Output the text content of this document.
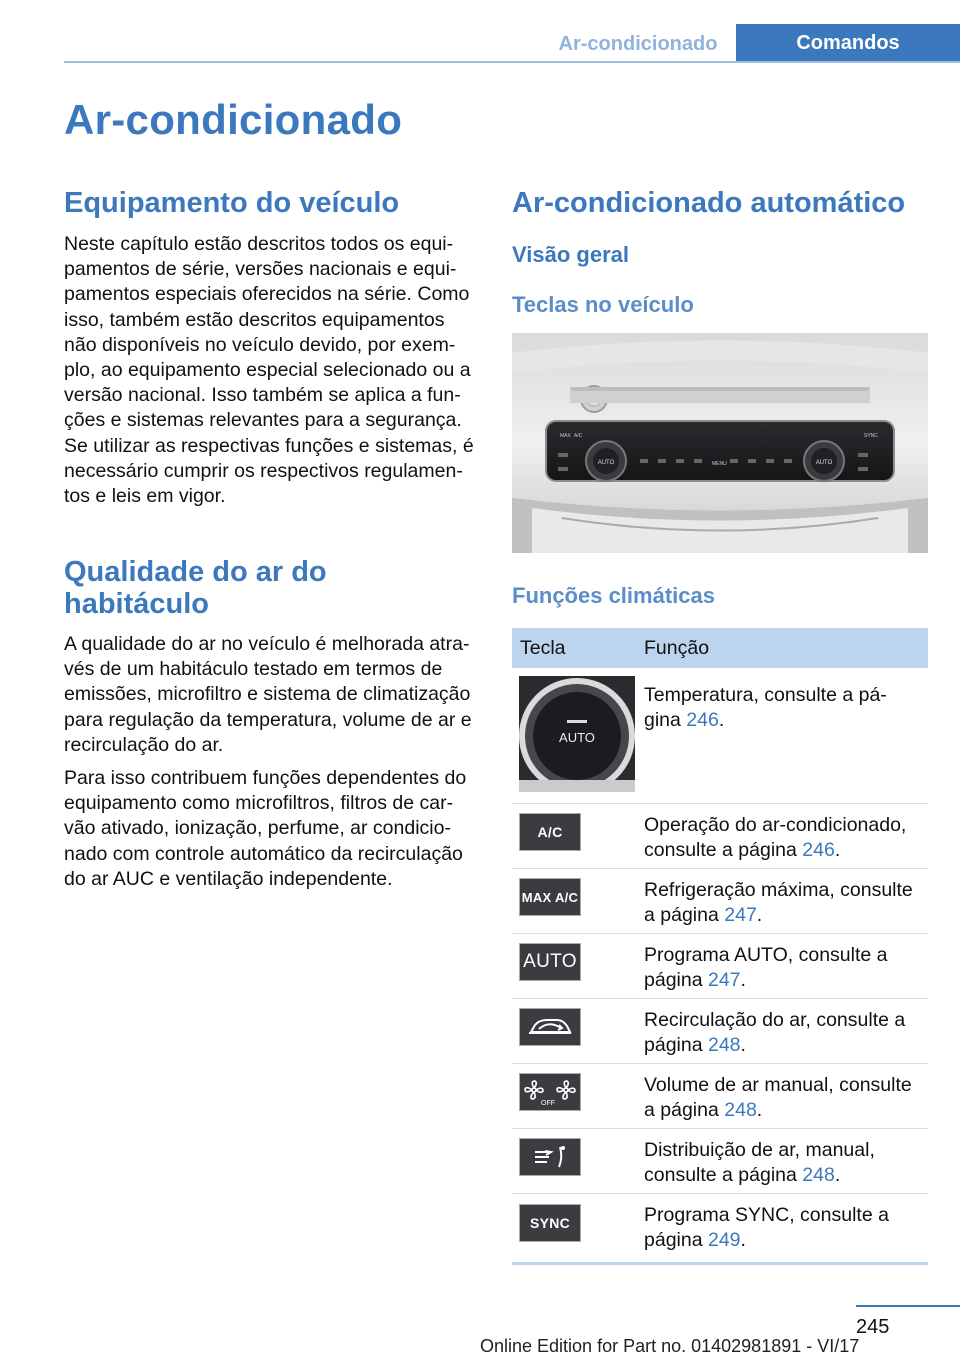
Ar-condicionado	Comandos
Ar-condicionado
Equipamento do veículo
Neste capítulo estão descritos todos os equi‐
pamentos de série, versões nacionais e equi‐
pamentos especiais oferecidos na série. Como
isso, também estão descritos equipamentos
não disponíveis no veículo devido, por exem‐
plo, ao equipamento especial selecionado ou a
versão nacional. Isso também se aplica a fun‐
ções e sistemas relevantes para a segurança.
Se utilizar as respectivas funções e sistemas, é
necessário cumprir os respectivos regulamen‐
tos e leis em vigor.
Qualidade do ar do
habitáculo
A qualidade do ar no veículo é melhorada atra‐
vés de um habitáculo testado em termos de
emissões, microfiltro e sistema de climatização
para regulação da temperatura, volume de ar e
recirculação do ar.
Para isso contribuem funções dependentes do
equipamento como microfiltros, filtros de car‐
vão ativado, ionização, perfume, ar condicio‐
nado com controle automático da recirculação
do ar AUC e ventilação independente.
Ar-condicionado automático
Visão geral
Teclas no veículo
AUTO	AUTO
MAX A/C
MENU
SYNC
Funções climáticas
Tecla	Função
AUTO
Temperatura, consulte a pá‐
gina 246.
A/C	Operação do ar-condicionado,
consulte a página 246.
MAX A/C	Refrigeração máxima, consulte
a página 247.
AUTO	Programa AUTO, consulte a
página 247.
Recirculação do ar, consulte a
página 248.
OFF
Volume de ar manual, consulte
a página 248.
Distribuição de ar, manual,
consulte a página 248.
SYNC	Programa SYNC, consulte a
página 249.
245
Online Edition for Part no. 01402981891 - VI/17
